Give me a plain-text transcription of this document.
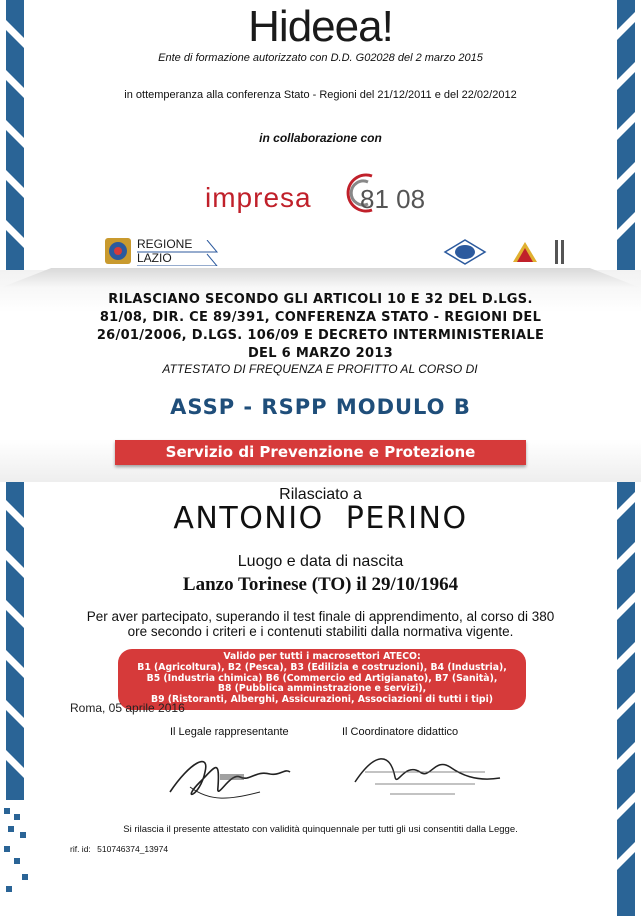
Hideea!
Ente di formazione autorizzato con D.D. G02028 del 2 marzo 2015
in ottemperanza alla conferenza Stato - Regioni del 21/12/2011 e del 22/02/2012
in collaborazione con
impresa 81 08
REGIONE
LAZIO
RILASCIANO SECONDO GLI ARTICOLI 10 E 32 DEL D.LGS.
81/08, DIR. CE 89/391, CONFERENZA STATO - REGIONI DEL
26/01/2006, D.LGS. 106/09 E DECRETO INTERMINISTERIALE
DEL 6 MARZO 2013
ATTESTATO DI FREQUENZA E PROFITTO AL CORSO DI
ASSP - RSPP MODULO B
Servizio di Prevenzione e Protezione
Rilasciato a
ANTONIO  PERINO
Luogo e data di nascita
Lanzo Torinese (TO) il 29/10/1964
Per aver partecipato, superando il test finale di apprendimento, al corso di 380
ore secondo i criteri e i contenuti stabiliti dalla normativa vigente.
Valido per tutti i macrosettori ATECO:
B1 (Agricoltura), B2 (Pesca), B3 (Edilizia e costruzioni), B4 (Industria),
B5 (Industria chimica) B6 (Commercio ed Artigianato), B7 (Sanità),
B8 (Pubblica amminstrazione e servizi),
B9 (Ristoranti, Alberghi, Assicurazioni, Associazioni di tutti i tipi)
Roma, 05 aprile 2016
Il Legale rappresentante	Il Coordinatore didattico
Si rilascia il presente attestato con validità quinquennale per tutti gli usi consentiti dalla Legge.
rif. id: 510746374_13974
